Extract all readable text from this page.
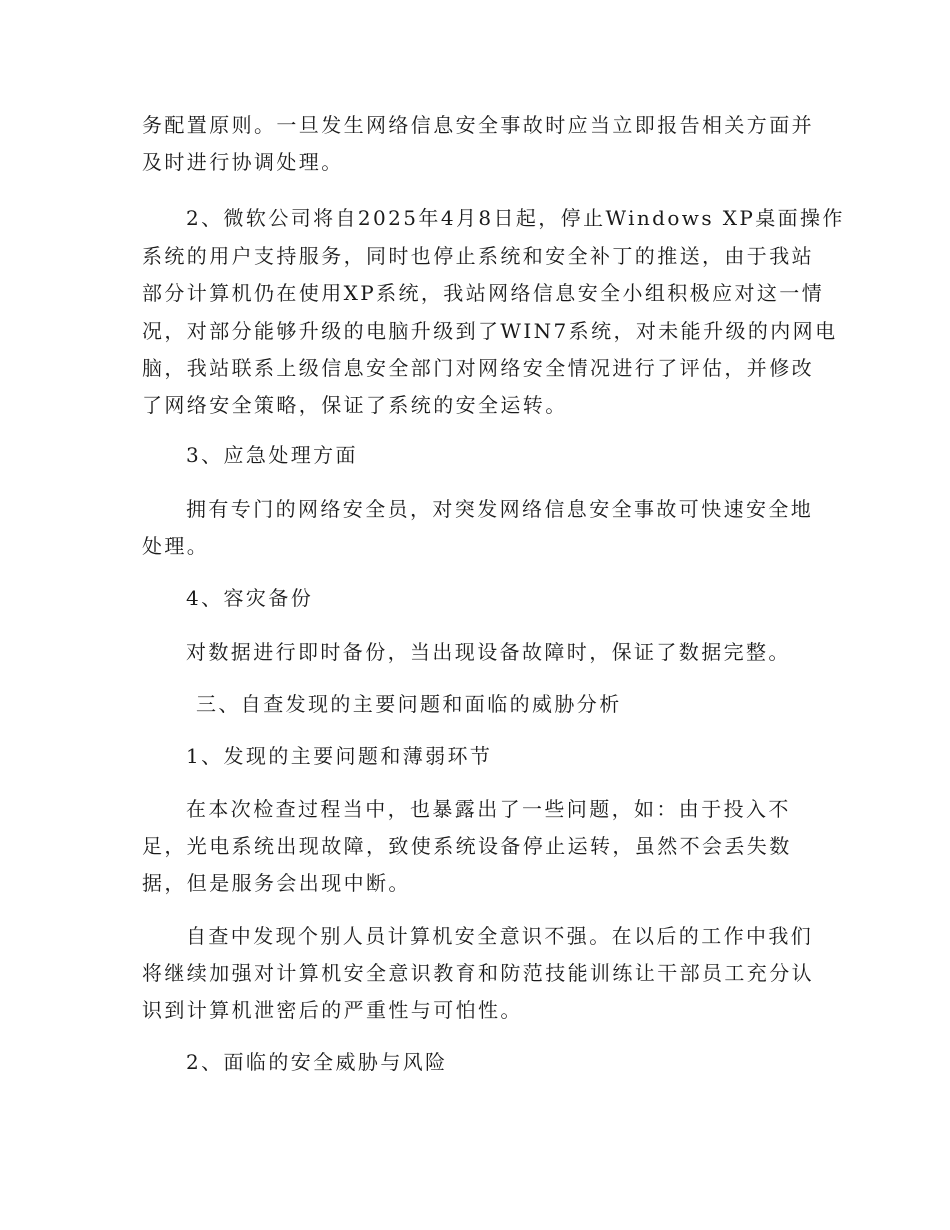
务配置原则。一旦发生网络信息安全事故时应当立即报告相关方面并
及时进行协调处理。
2、微软公司将自2025年4月8日起，停止Windows XP桌面操作
系统的用户支持服务，同时也停止系统和安全补丁的推送，由于我站
部分计算机仍在使用XP系统，我站网络信息安全小组积极应对这一情
况，对部分能够升级的电脑升级到了WIN7系统，对未能升级的内网电
脑，我站联系上级信息安全部门对网络安全情况进行了评估，并修改
了网络安全策略，保证了系统的安全运转。
3、应急处理方面
拥有专门的网络安全员，对突发网络信息安全事故可快速安全地
处理。
4、容灾备份
对数据进行即时备份，当出现设备故障时，保证了数据完整。
三、自查发现的主要问题和面临的威胁分析
1、发现的主要问题和薄弱环节
在本次检查过程当中，也暴露出了一些问题，如：由于投入不
足，光电系统出现故障，致使系统设备停止运转，虽然不会丢失数
据，但是服务会出现中断。
自查中发现个别人员计算机安全意识不强。在以后的工作中我们
将继续加强对计算机安全意识教育和防范技能训练让干部员工充分认
识到计算机泄密后的严重性与可怕性。
2、面临的安全威胁与风险
